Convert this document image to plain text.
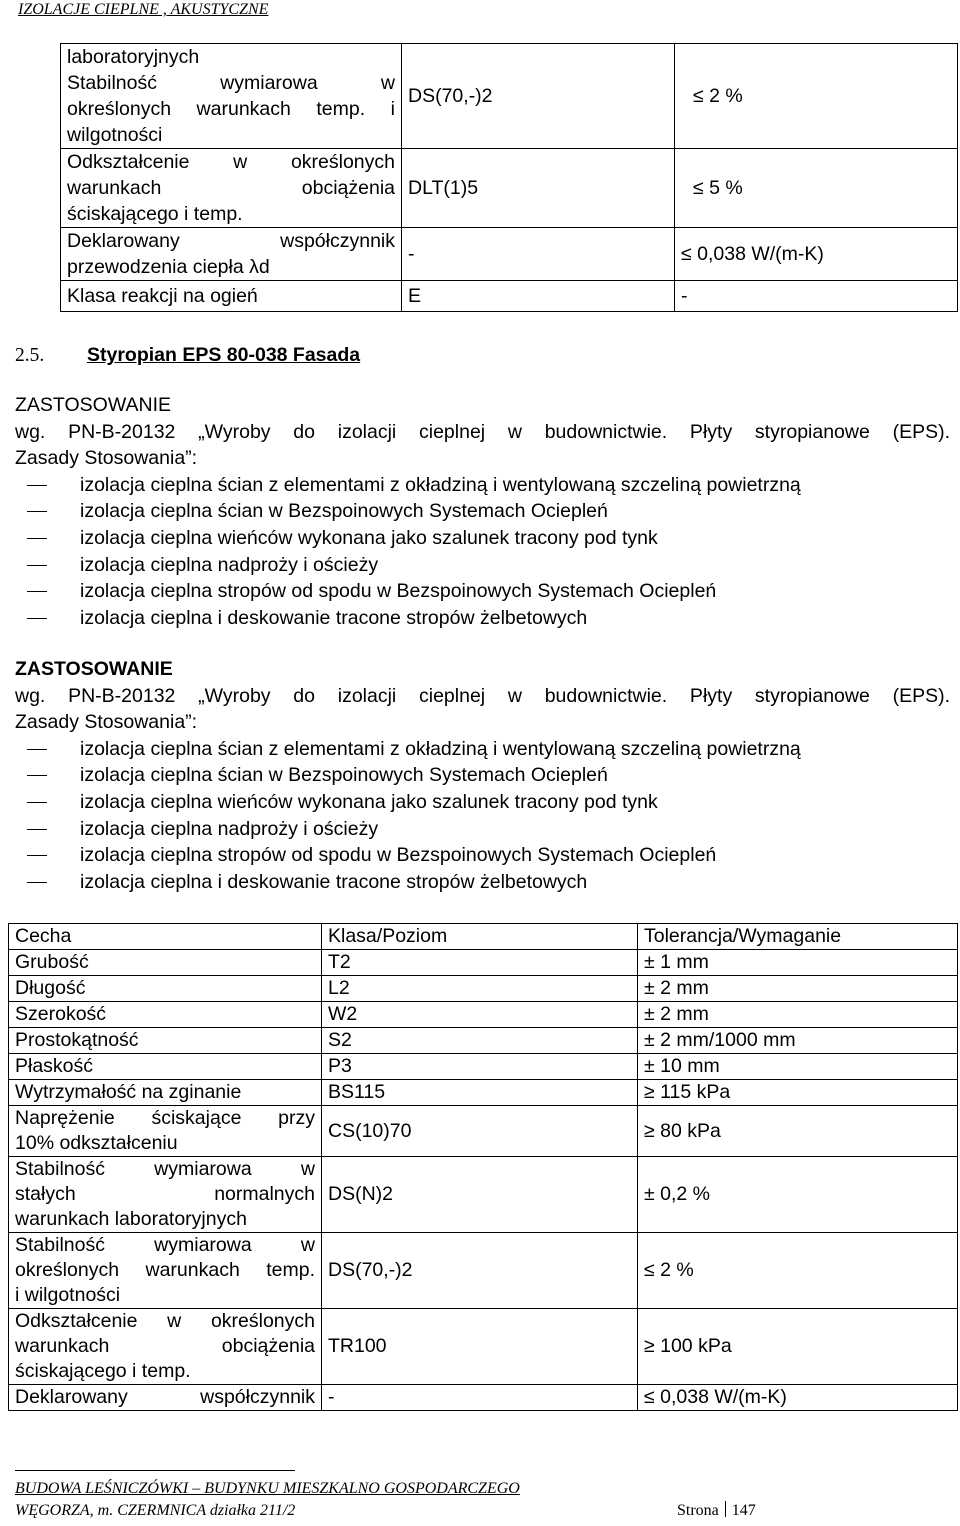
IZOLACJE CIEPLNE , AKUSTYCZNE
laboratoryjnych
Stabilność wymiarowa w
określonych warunkach temp. i
wilgotności	DS(70,-)2	≤ 2 %

Odkształcenie w określonych
warunkach obciążenia
ściskającego i temp.	DLT(1)5	≤ 5 %

Deklarowany współczynnik
przewodzenia ciepła λd	-	≤ 0,038 W/(m-K)

Klasa reakcji na ogień	E	-
2.5. Styropian EPS 80-038 Fasada
ZASTOSOWANIE
wg. PN-B-20132 „Wyroby do izolacji cieplnej w budownictwie. Płyty styropianowe (EPS).
Zasady Stosowania”:
izolacja cieplna ścian z elementami z okładziną i wentylowaną szczeliną powietrzną
izolacja cieplna ścian w Bezspoinowych Systemach Ociepleń
izolacja cieplna wieńców wykonana jako szalunek tracony pod tynk
izolacja cieplna nadproży i ościeży
izolacja cieplna stropów od spodu w Bezspoinowych Systemach Ociepleń
izolacja cieplna i deskowanie tracone stropów żelbetowych
ZASTOSOWANIE
wg. PN-B-20132 „Wyroby do izolacji cieplnej w budownictwie. Płyty styropianowe (EPS).
Zasady Stosowania”:
izolacja cieplna ścian z elementami z okładziną i wentylowaną szczeliną powietrzną
izolacja cieplna ścian w Bezspoinowych Systemach Ociepleń
izolacja cieplna wieńców wykonana jako szalunek tracony pod tynk
izolacja cieplna nadproży i ościeży
izolacja cieplna stropów od spodu w Bezspoinowych Systemach Ociepleń
izolacja cieplna i deskowanie tracone stropów żelbetowych
Cecha	Klasa/Poziom	Tolerancja/Wymaganie

Grubość	T2	± 1 mm

Długość	L2	± 2 mm

Szerokość	W2	± 2 mm

Prostokątność	S2	± 2 mm/1000 mm

Płaskość	P3	± 10 mm

Wytrzymałość na zginanie	BS115	≥ 115 kPa

Naprężenie ściskające przy
10% odkształceniu	CS(10)70	≥ 80 kPa

Stabilność wymiarowa w
stałych normalnych
warunkach laboratoryjnych	DS(N)2	± 0,2 %

Stabilność wymiarowa w
określonych warunkach temp.
i wilgotności	DS(70,-)2	≤ 2 %

Odkształcenie w określonych
warunkach obciążenia
ściskającego i temp.	TR100	≥ 100 kPa

Deklarowany współczynnik	-	≤ 0,038 W/(m-K)
BUDOWA LEŚNICZÓWKI – BUDYNKU MIESZKALNO GOSPODARCZEGO
WĘGORZA, m. CZERMNICA działka 211/2	Strona 147
